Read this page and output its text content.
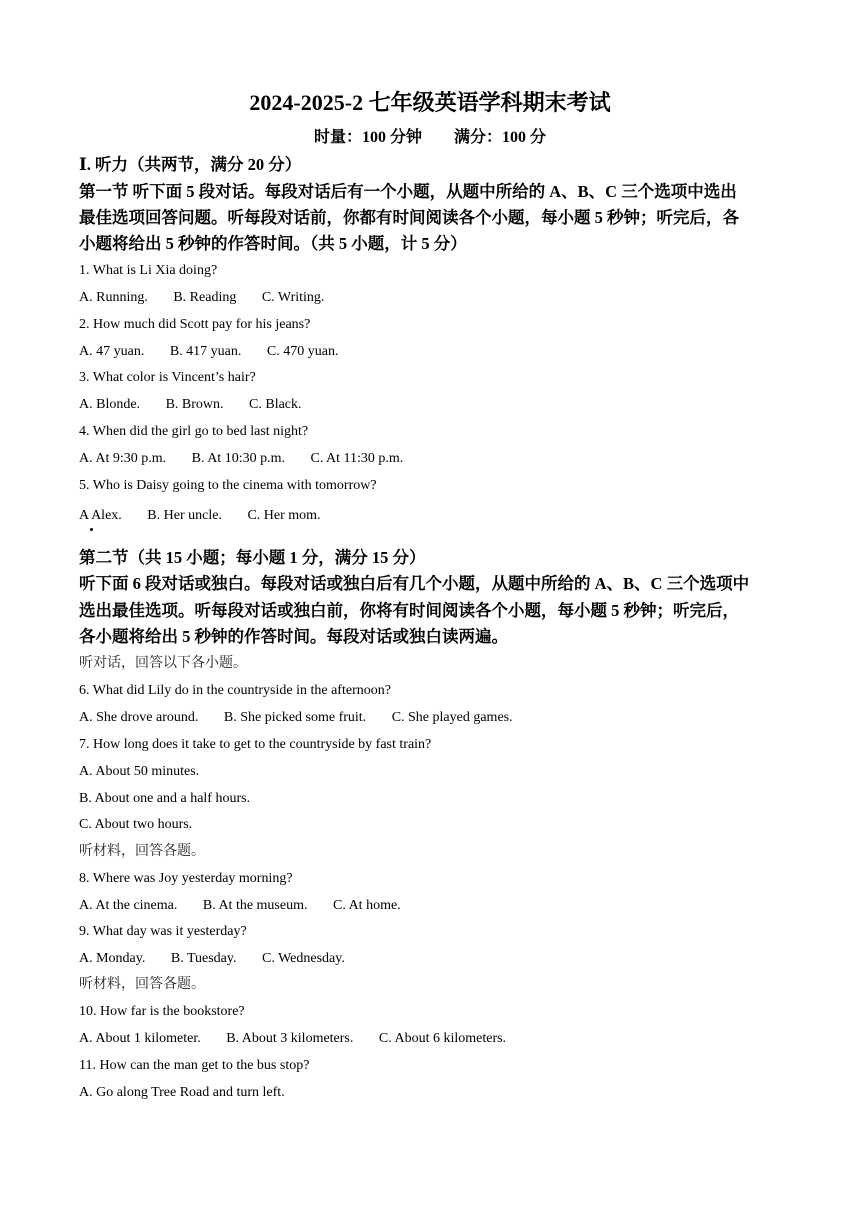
2024-2025-2 七年级英语学科期末考试
时量：100 分钟        满分：100 分
Ⅰ. 听力（共两节，满分 20 分）
第一节 听下面 5 段对话。每段对话后有一个小题，从题中所给的 A、B、C 三个选项中选出
最佳选项回答问题。听每段对话前，你都有时间阅读各个小题，每小题 5 秒钟；听完后，各
小题将给出 5 秒钟的作答时间。（共 5 小题，计 5 分）
1. What is Li Xia doing?
A. Running. B. Reading C. Writing.
2. How much did Scott pay for his jeans?
A. 47 yuan. B. 417 yuan. C. 470 yuan.
3. What color is Vincent’s hair?
A. Blonde. B. Brown. C. Black.
4. When did the girl go to bed last night?
A. At 9:30 p.m. B. At 10:30 p.m. C. At 11:30 p.m.
5. Who is Daisy going to the cinema with tomorrow?
A Alex. B. Her uncle. C. Her mom.
第二节（共 15 小题；每小题 1 分，满分 15 分）
听下面 6 段对话或独白。每段对话或独白后有几个小题，从题中所给的 A、B、C 三个选项中
选出最佳选项。听每段对话或独白前，你将有时间阅读各个小题，每小题 5 秒钟；听完后，
各小题将给出 5 秒钟的作答时间。每段对话或独白读两遍。
听对话，回答以下各小题。
6. What did Lily do in the countryside in the afternoon?
A. She drove around. B. She picked some fruit. C. She played games.
7. How long does it take to get to the countryside by fast train?
A. About 50 minutes.
B. About one and a half hours.
C. About two hours.
听材料，回答各题。
8. Where was Joy yesterday morning?
A. At the cinema. B. At the museum. C. At home.
9. What day was it yesterday?
A. Monday. B. Tuesday. C. Wednesday.
听材料，回答各题。
10. How far is the bookstore?
A. About 1 kilometer. B. About 3 kilometers. C. About 6 kilometers.
11. How can the man get to the bus stop?
A. Go along Tree Road and turn left.
